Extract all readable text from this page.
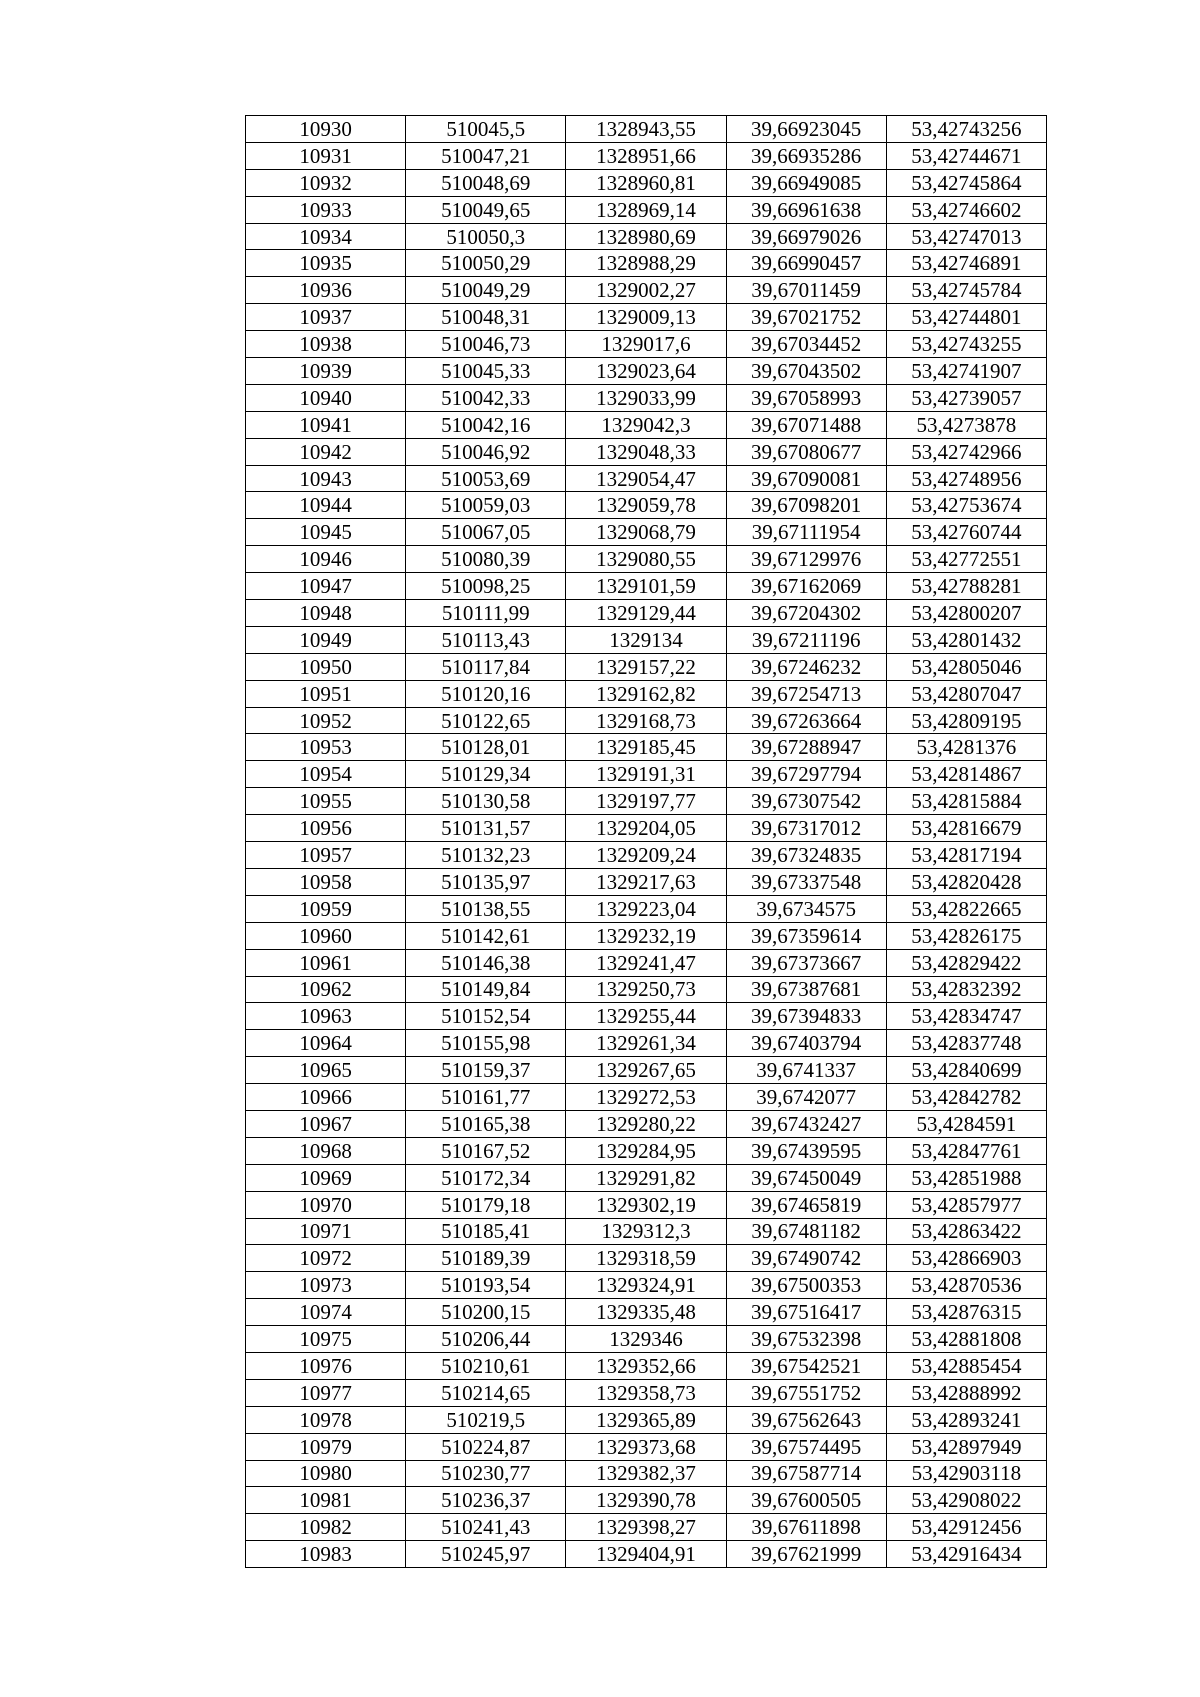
10930	510045,5	1328943,55	39,66923045	53,42743256
10931	510047,21	1328951,66	39,66935286	53,42744671
10932	510048,69	1328960,81	39,66949085	53,42745864
10933	510049,65	1328969,14	39,66961638	53,42746602
10934	510050,3	1328980,69	39,66979026	53,42747013
10935	510050,29	1328988,29	39,66990457	53,42746891
10936	510049,29	1329002,27	39,67011459	53,42745784
10937	510048,31	1329009,13	39,67021752	53,42744801
10938	510046,73	1329017,6	39,67034452	53,42743255
10939	510045,33	1329023,64	39,67043502	53,42741907
10940	510042,33	1329033,99	39,67058993	53,42739057
10941	510042,16	1329042,3	39,67071488	53,4273878
10942	510046,92	1329048,33	39,67080677	53,42742966
10943	510053,69	1329054,47	39,67090081	53,42748956
10944	510059,03	1329059,78	39,67098201	53,42753674
10945	510067,05	1329068,79	39,67111954	53,42760744
10946	510080,39	1329080,55	39,67129976	53,42772551
10947	510098,25	1329101,59	39,67162069	53,42788281
10948	510111,99	1329129,44	39,67204302	53,42800207
10949	510113,43	1329134	39,67211196	53,42801432
10950	510117,84	1329157,22	39,67246232	53,42805046
10951	510120,16	1329162,82	39,67254713	53,42807047
10952	510122,65	1329168,73	39,67263664	53,42809195
10953	510128,01	1329185,45	39,67288947	53,4281376
10954	510129,34	1329191,31	39,67297794	53,42814867
10955	510130,58	1329197,77	39,67307542	53,42815884
10956	510131,57	1329204,05	39,67317012	53,42816679
10957	510132,23	1329209,24	39,67324835	53,42817194
10958	510135,97	1329217,63	39,67337548	53,42820428
10959	510138,55	1329223,04	39,6734575	53,42822665
10960	510142,61	1329232,19	39,67359614	53,42826175
10961	510146,38	1329241,47	39,67373667	53,42829422
10962	510149,84	1329250,73	39,67387681	53,42832392
10963	510152,54	1329255,44	39,67394833	53,42834747
10964	510155,98	1329261,34	39,67403794	53,42837748
10965	510159,37	1329267,65	39,6741337	53,42840699
10966	510161,77	1329272,53	39,6742077	53,42842782
10967	510165,38	1329280,22	39,67432427	53,4284591
10968	510167,52	1329284,95	39,67439595	53,42847761
10969	510172,34	1329291,82	39,67450049	53,42851988
10970	510179,18	1329302,19	39,67465819	53,42857977
10971	510185,41	1329312,3	39,67481182	53,42863422
10972	510189,39	1329318,59	39,67490742	53,42866903
10973	510193,54	1329324,91	39,67500353	53,42870536
10974	510200,15	1329335,48	39,67516417	53,42876315
10975	510206,44	1329346	39,67532398	53,42881808
10976	510210,61	1329352,66	39,67542521	53,42885454
10977	510214,65	1329358,73	39,67551752	53,42888992
10978	510219,5	1329365,89	39,67562643	53,42893241
10979	510224,87	1329373,68	39,67574495	53,42897949
10980	510230,77	1329382,37	39,67587714	53,42903118
10981	510236,37	1329390,78	39,67600505	53,42908022
10982	510241,43	1329398,27	39,67611898	53,42912456
10983	510245,97	1329404,91	39,67621999	53,42916434
